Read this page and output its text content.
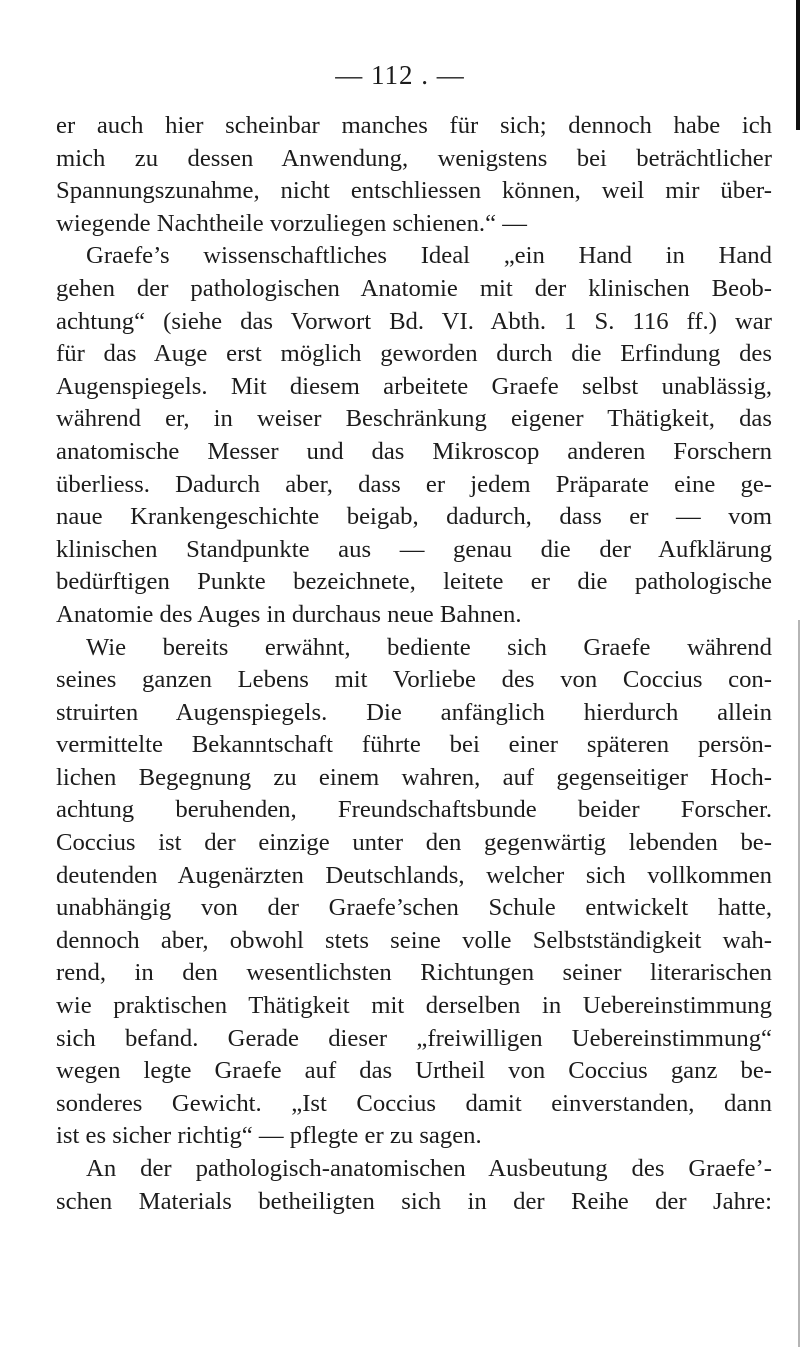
— 112 . —
er auch hier scheinbar manches für sich; dennoch habe ich
mich zu dessen Anwendung, wenigstens bei beträchtlicher
Spannungszunahme, nicht entschliessen können, weil mir über-
wiegende Nachtheile vorzuliegen schienen.“ —
Graefe’s wissenschaftliches Ideal „ein Hand in Hand
gehen der pathologischen Anatomie mit der klinischen Beob-
achtung“ (siehe das Vorwort Bd. VI. Abth. 1 S. 116 ff.) war
für das Auge erst möglich geworden durch die Erfindung des
Augenspiegels. Mit diesem arbeitete Graefe selbst unablässig,
während er, in weiser Beschränkung eigener Thätigkeit, das
anatomische Messer und das Mikroscop anderen Forschern
überliess. Dadurch aber, dass er jedem Präparate eine ge-
naue Krankengeschichte beigab, dadurch, dass er — vom
klinischen Standpunkte aus — genau die der Aufklärung
bedürftigen Punkte bezeichnete, leitete er die pathologische
Anatomie des Auges in durchaus neue Bahnen.
Wie bereits erwähnt, bediente sich Graefe während
seines ganzen Lebens mit Vorliebe des von Coccius con-
struirten Augenspiegels. Die anfänglich hierdurch allein
vermittelte Bekanntschaft führte bei einer späteren persön-
lichen Begegnung zu einem wahren, auf gegenseitiger Hoch-
achtung beruhenden, Freundschaftsbunde beider Forscher.
Coccius ist der einzige unter den gegenwärtig lebenden be-
deutenden Augenärzten Deutschlands, welcher sich vollkommen
unabhängig von der Graefe’schen Schule entwickelt hatte,
dennoch aber, obwohl stets seine volle Selbstständigkeit wah-
rend, in den wesentlichsten Richtungen seiner literarischen
wie praktischen Thätigkeit mit derselben in Uebereinstimmung
sich befand. Gerade dieser „freiwilligen Uebereinstimmung“
wegen legte Graefe auf das Urtheil von Coccius ganz be-
sonderes Gewicht. „Ist Coccius damit einverstanden, dann
ist es sicher richtig“ — pflegte er zu sagen.
An der pathologisch-anatomischen Ausbeutung des Graefe’-
schen Materials betheiligten sich in der Reihe der Jahre:
